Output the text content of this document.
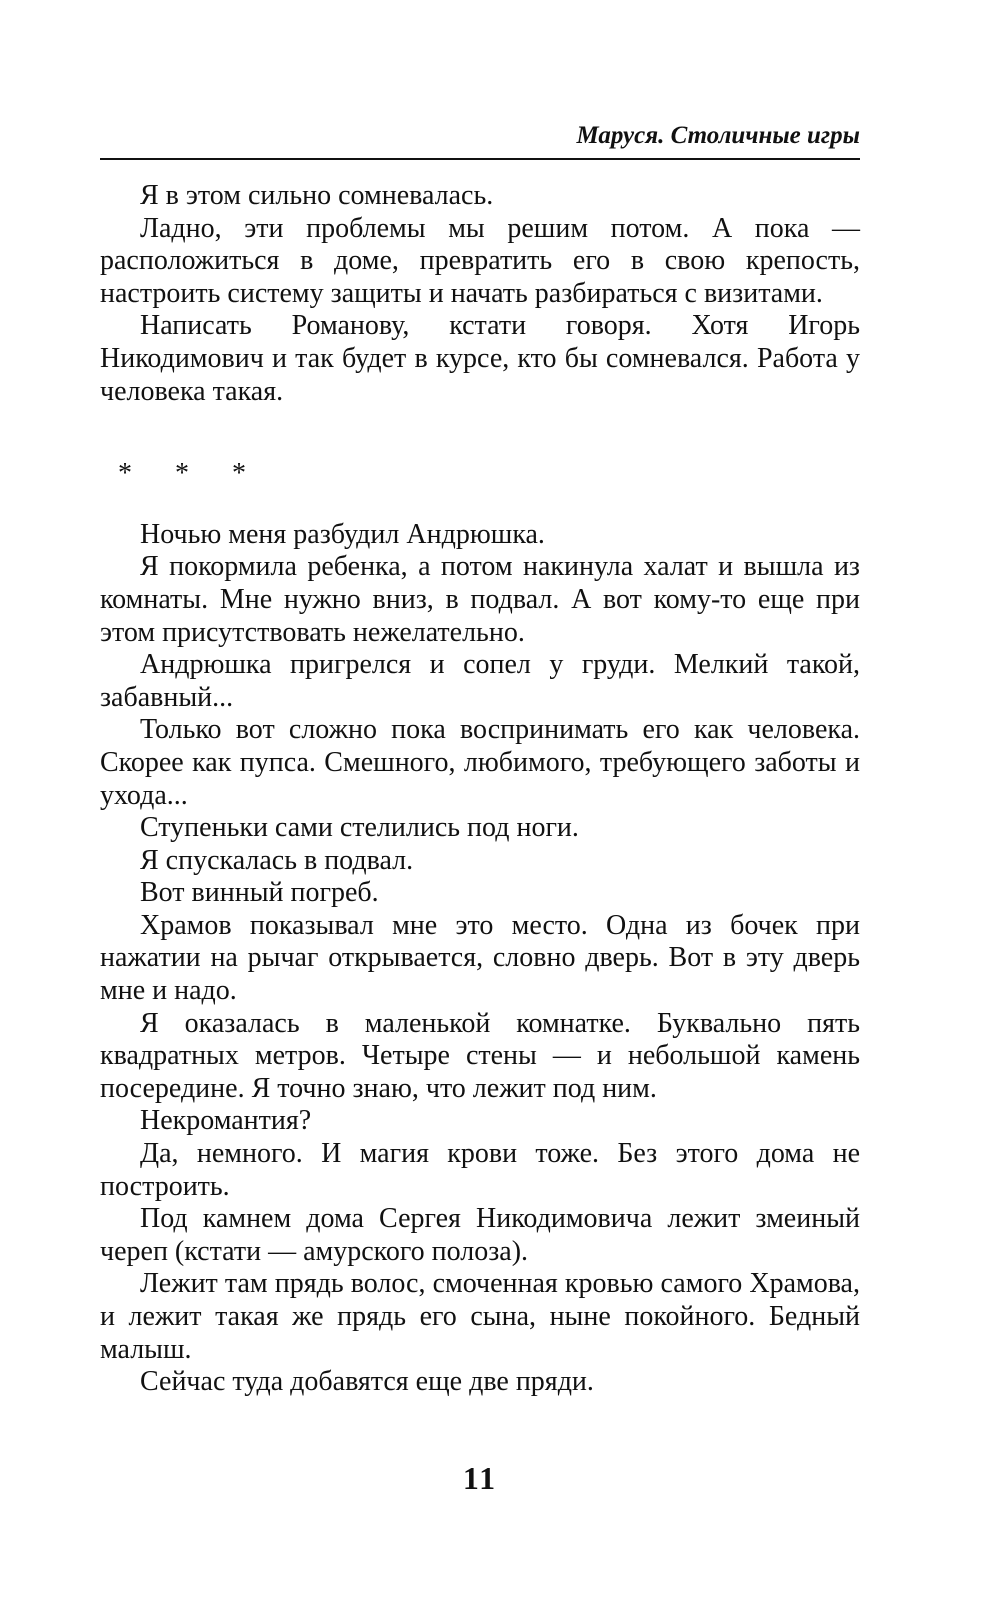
Маруся. Столичные игры

Я в этом сильно сомневалась.

Ладно, эти проблемы мы решим потом. А пока — расположиться в доме, превратить его в свою крепость, настроить систему защиты и начать разбираться с визитами.

Написать Романову, кстати говоря. Хотя Игорь Никодимович и так будет в курсе, кто бы сомневался. Работа у человека такая.

* * *

Ночью меня разбудил Андрюшка.

Я покормила ребенка, а потом накинула халат и вышла из комнаты. Мне нужно вниз, в подвал. А вот кому-то еще при этом присутствовать нежелательно.

Андрюшка пригрелся и сопел у груди. Мелкий такой, забавный...

Только вот сложно пока воспринимать его как человека. Скорее как пупса. Смешного, любимого, требующего заботы и ухода...

Ступеньки сами стелились под ноги.

Я спускалась в подвал.

Вот винный погреб.

Храмов показывал мне это место. Одна из бочек при нажатии на рычаг открывается, словно дверь. Вот в эту дверь мне и надо.

Я оказалась в маленькой комнатке. Буквально пять квадратных метров. Четыре стены — и небольшой камень посередине. Я точно знаю, что лежит под ним.

Некромантия?

Да, немного. И магия крови тоже. Без этого дома не построить.

Под камнем дома Сергея Никодимовича лежит змеиный череп (кстати — амурского полоза).

Лежит там прядь волос, смоченная кровью самого Храмова, и лежит такая же прядь его сына, ныне покойного. Бедный малыш.

Сейчас туда добавятся еще две пряди.

11
